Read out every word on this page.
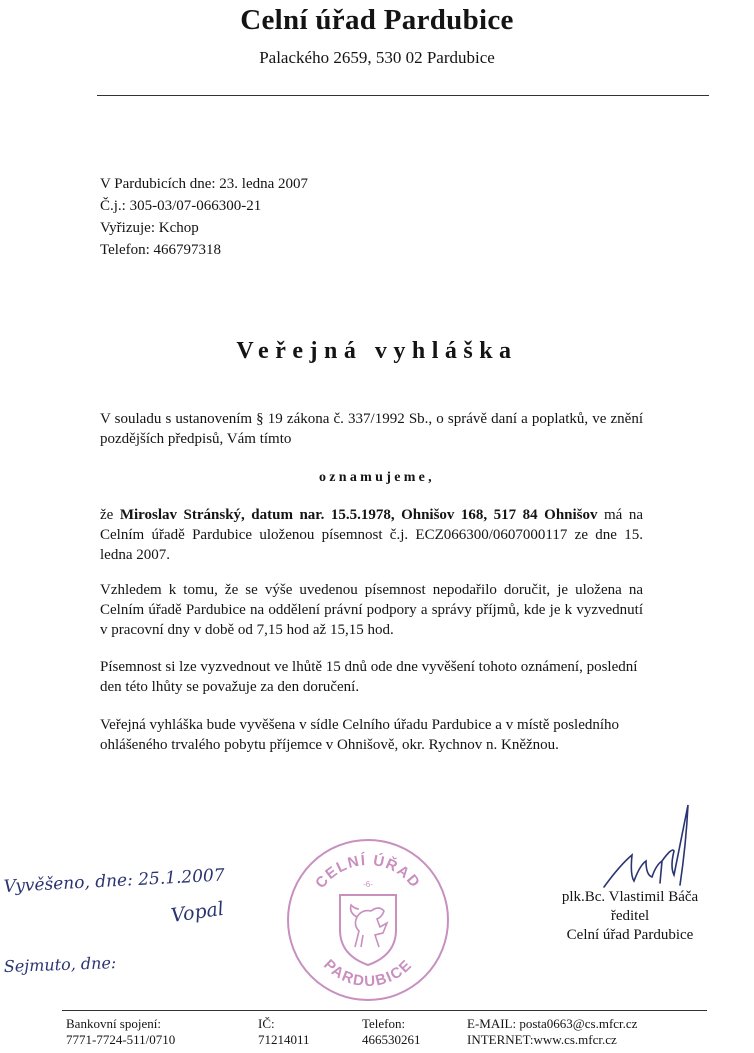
Celní úřad Pardubice
Palackého 2659, 530 02 Pardubice
V Pardubicích dne: 23. ledna 2007
Č.j.: 305-03/07-066300-21
Vyřizuje: Kchop
Telefon: 466797318
Veřejná vyhláška
V souladu s ustanovením § 19 zákona č. 337/1992 Sb., o správě daní a poplatků, ve znění pozdějších předpisů, Vám tímto
oznamujeme,
že Miroslav Stránský, datum nar. 15.5.1978, Ohnišov 168, 517 84 Ohnišov má na Celním úřadě Pardubice uloženou písemnost č.j. ECZ066300/0607000117 ze dne 15. ledna 2007.
Vzhledem k tomu, že se výše uvedenou písemnost nepodařilo doručit, je uložena na Celním úřadě Pardubice na oddělení právní podpory a správy příjmů, kde je k vyzvednutí v pracovní dny v době od 7,15 hod až 15,15 hod.
Písemnost si lze vyzvednout ve lhůtě 15 dnů ode dne vyvěšení tohoto oznámení, poslední den této lhůty se považuje za den doručení.
Veřejná vyhláška bude vyvěšena v sídle Celního úřadu Pardubice a v místě posledního ohlášeného trvalého pobytu příjemce v Ohnišově, okr. Rychnov n. Kněžnou.
CELNÍ ÚŘAD
PARDUBICE
-6-
Vyvěšeno, dne: 25.1.2007
Vopal
Sejmuto, dne:
plk.Bc. Vlastimil Báča
ředitel
Celní úřad Pardubice
Bankovní spojení:
7771-7724-511/0710
IČ:
71214011
Telefon:
466530261
E-MAIL: posta0663@cs.mfcr.cz
INTERNET:www.cs.mfcr.cz
